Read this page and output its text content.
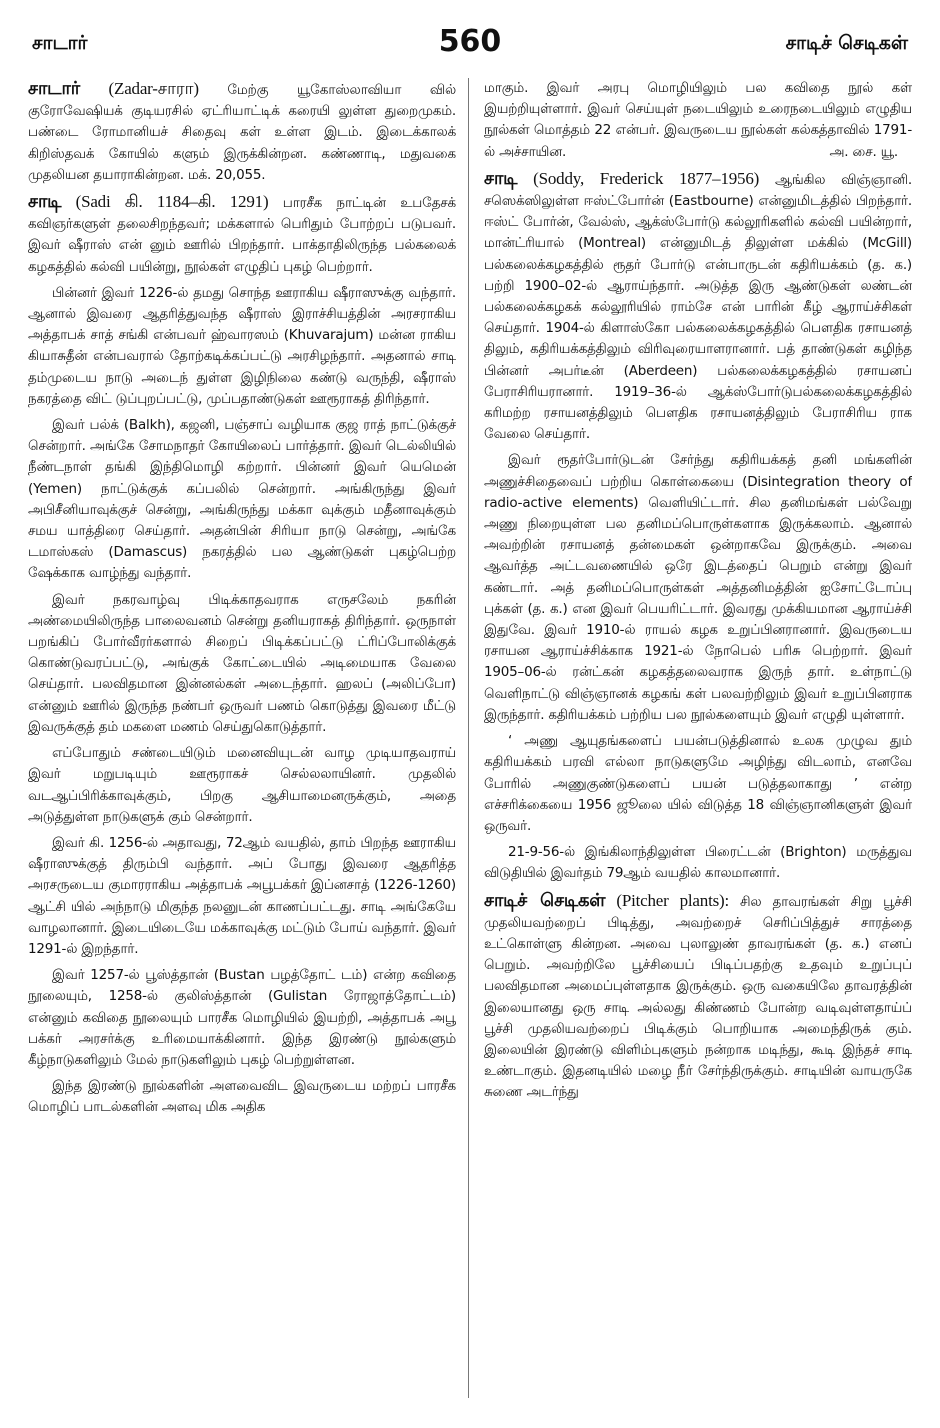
சாடார்	560	சாடிச் செடிகள்

சாடார் (Zadar-சாரா) மேற்கு யூகோஸ்லாவியா வில் குரோவேஷியக் குடியரசில் ஏட்ரியாட்டிக் கரையி லுள்ள துறைமுகம். பண்டை ரோமானியச் சிதைவு கள் உள்ள இடம். இடைக்காலக் கிறிஸ்தவக் கோயில் களும் இருக்கின்றன. கண்ணாடி, மதுவகை முதலியன தயாராகின்றன. மக். 20,055.

சாடி (Sadi கி. 1184–கி. 1291) பாரசீக நாட்டின் உபதேசக் கவிஞர்களுள் தலைசிறந்தவர்; மக்களால் பெரிதும் போற்றப் படுபவர். இவர் ஷீராஸ் என் னும் ஊரில் பிறந்தார். பாக்தாதிலிருந்த பல்கலைக் கழகத்தில் கல்வி பயின்று, நூல்கள் எழுதிப் புகழ் பெற்றார்.

பின்னர் இவர் 1226-ல் தமது சொந்த ஊராகிய ஷீராஸுக்கு வந்தார். ஆனால் இவரை ஆதரித்துவந்த ஷீராஸ் இராச்சியத்தின் அரசராகிய அத்தாபக் சாத் சங்கி என்பவர் ஹ்வாரஸம் (Khuvarajum) மன்ன ராகிய கியாசுதீன் என்பவரால் தோற்கடிக்கப்பட்டு அரசிழந்தார். அதனால் சாடி தம்முடைய நாடு அடைந் துள்ள இழிநிலை கண்டு வருந்தி, ஷீராஸ் நகரத்தை விட் டுப்புறப்பட்டு, முப்பதாண்டுகள் ஊரூராகத் திரிந்தார்.

இவர் பல்க் (Balkh), கஜனி, பஞ்சாப் வழியாக குஜ ராத் நாட்டுக்குச் சென்றார். அங்கே சோமநாதர் கோயிலைப் பார்த்தார். இவர் டெல்லியில் நீண்டநாள் தங்கி இந்திமொழி கற்றார். பின்னர் இவர் யெமென் (Yemen) நாட்டுக்குக் கப்பலில் சென்றார். அங்கிருந்து இவர் அபிசீனியாவுக்குச் சென்று, அங்கிருந்து மக்கா வுக்கும் மதீனாவுக்கும் சமய யாத்திரை செய்தார். அதன்பின் சிரியா நாடு சென்று, அங்கே டமாஸ்கஸ் (Damascus) நகரத்தில் பல ஆண்டுகள் புகழ்பெற்ற ஷேக்காக வாழ்ந்து வந்தார்.

இவர் நகரவாழ்வு பிடிக்காதவராக எருசலேம் நகரின் அண்மையிலிருந்த பாலைவனம் சென்று தனியராகத் திரிந்தார். ஒருநாள் பறங்கிப் போர்வீரர்களால் சிறைப் பிடிக்கப்பட்டு ட்ரிப்போலிக்குக் கொண்டுவரப்பட்டு, அங்குக் கோட்டையில் அடிமையாக வேலை செய்தார். பலவிதமான இன்னல்கள் அடைந்தார். ஹலப் (அலிப்போ) என்னும் ஊரில் இருந்த நண்பர் ஒருவர் பணம் கொடுத்து இவரை மீட்டு இவருக்குத் தம் மகளை மணம் செய்துகொடுத்தார்.

எப்போதும் சண்டையிடும் மனைவியுடன் வாழ முடியாதவராய் இவர் மறுபடியும் ஊரூராகச் செல்லலாயினர். முதலில் வடஆப்பிரிக்காவுக்கும், பிறகு ஆசியாமைனருக்கும், அதை அடுத்துள்ள நாடுகளுக் கும் சென்றார்.

இவர் கி. 1256-ல் அதாவது, 72ஆம் வயதில், தாம் பிறந்த ஊராகிய ஷீராஸுக்குத் திரும்பி வந்தார். அப் போது இவரை ஆதரித்த அரசருடைய குமாரராகிய அத்தாபக் அபூபக்கர் இப்னசாத் (1226-1260) ஆட்சி யில் அந்நாடு மிகுந்த நலனுடன் காணப்பட்டது. சாடி அங்கேயே வாழலானார். இடையிடையே மக்காவுக்கு மட்டும் போய் வந்தார். இவர் 1291-ல் இறந்தார்.

இவர் 1257-ல் பூஸ்த்தான் (Bustan பழத்தோட் டம்) என்ற கவிதை நூலையும், 1258-ல் குலிஸ்த்தான் (Gulistan ரோஜாத்தோட்டம்) என்னும் கவிதை நூலையும் பாரசீக மொழியில் இயற்றி, அத்தாபக் அபூ பக்கர் அரசர்க்கு உரிமையாக்கினார். இந்த இரண்டு நூல்களும் கீழ்நாடுகளிலும் மேல் நாடுகளிலும் புகழ் பெற்றுள்ளன.

இந்த இரண்டு நூல்களின் அளவைவிட இவருடைய மற்றப் பாரசீக மொழிப் பாடல்களின் அளவு மிக அதிக

மாகும். இவர் அரபு மொழியிலும் பல கவிதை நூல் கள் இயற்றியுள்ளார். இவர் செய்யுள் நடையிலும் உரைநடையிலும் எழுதிய நூல்கள் மொத்தம் 22 என்பர். இவருடைய நூல்கள் கல்கத்தாவில் 1791-ல் அச்சாயின.	அ. சை. யூ.

சாடி (Soddy, Frederick 1877–1956) ஆங்கில விஞ்ஞானி. சஸெக்ஸிலுள்ள ஈஸ்ட்போர்ன் (Eastbourne) என்னுமிடத்தில் பிறந்தார். ஈஸ்ட் போர்ன், வேல்ஸ், ஆக்ஸ்போர்டு கல்லூரிகளில் கல்வி பயின்றார், மான்ட்ரியால் (Montreal) என்னுமிடத் திலுள்ள மக்கில் (McGill) பல்கலைக்கழகத்தில் ரூதர் போர்டு என்பாருடன் கதிரியக்கம் (த. க.) பற்றி 1900–02-ல் ஆராய்ந்தார். அடுத்த இரு ஆண்டுகள் லண்டன் பல்கலைக்கழகக் கல்லூரியில் ராம்சே என் பாரின் கீழ் ஆராய்ச்சிகள் செய்தார். 1904-ல் கிளாஸ்கோ பல்கலைக்கழகத்தில் பௌதிக ரசாயனத் திலும், கதிரியக்கத்திலும் விரிவுரையாளரானார். பத் தாண்டுகள் கழிந்த பின்னர் அபர்டீன் (Aberdeen) பல்கலைக்கழகத்தில் ரசாயனப் பேராசிரியரானார். 1919–36-ல் ஆக்ஸ்போர்டுபல்கலைக்கழகத்தில் கரிமற்ற ரசாயனத்திலும் பௌதிக ரசாயனத்திலும் பேராசிரிய ராக வேலை செய்தார்.

இவர் ரூதர்போர்டுடன் சேர்ந்து கதிரியக்கத் தனி மங்களின் அணுச்சிதைவைப் பற்றிய கொள்கையை (Disintegration theory of radio-active elements) வெளியிட்டார். சில தனிமங்கள் பல்வேறு அணு நிறையுள்ள பல தனிமப்பொருள்களாக இருக்கலாம். ஆனால் அவற்றின் ரசாயனத் தன்மைகள் ஒன்றாகவே இருக்கும். அவை ஆவர்த்த அட்டவணையில் ஒரே இடத்தைப் பெறும் என்று இவர் கண்டார். அத் தனிமப்பொருள்கள் அத்தனிமத்தின் ஐசோட்டோப்பு புக்கள் (த. க.) என இவர் பெயரிட்டார். இவரது முக்கியமான ஆராய்ச்சி இதுவே. இவர் 1910-ல் ராயல் கழக உறுப்பினரானார். இவருடைய ரசாயன ஆராய்ச்சிக்காக 1921-ல் நோபெல் பரிசு பெற்றார். இவர் 1905–06-ல் ரன்ட்கன் கழகத்தலைவராக இருந் தார். உள்நாட்டு வெளிநாட்டு விஞ்ஞானக் கழகங் கள் பலவற்றிலும் இவர் உறுப்பினராக இருந்தார். கதிரியக்கம் பற்றிய பல நூல்களையும் இவர் எழுதி யுள்ளார்.

‘ அணு ஆயுதங்களைப் பயன்படுத்தினால் உலக முழுவ தும் கதிரியக்கம் பரவி எல்லா நாடுகளுமே அழிந்து விடலாம், எனவே போரில் அணுகுண்டுகளைப் பயன் படுத்தலாகாது ’ என்ற எச்சரிக்கையை 1956 ஜூலை யில் விடுத்த 18 விஞ்ஞானிகளுள் இவர் ஒருவர்.

21-9-56-ல் இங்கிலாந்திலுள்ள பிரைட்டன் (Brighton) மருத்துவ விடுதியில் இவர்தம் 79ஆம் வயதில் காலமானார்.

சாடிச் செடிகள் (Pitcher plants): சில தாவரங்கள் சிறு பூச்சி முதலியவற்றைப் பிடித்து, அவற்றைச் செரிப்பித்துச் சாரத்தை உட்கொள்ளு கின்றன. அவை புலாலுண் தாவரங்கள் (த. க.) எனப் பெறும். அவற்றிலே பூச்சியைப் பிடிப்பதற்கு உதவும் உறுப்புப் பலவிதமான அமைப்புள்ளதாக இருக்கும். ஒரு வகையிலே தாவரத்தின் இலையானது ஒரு சாடி அல்லது கிண்ணம் போன்ற வடிவுள்ளதாய்ப் பூச்சி முதலியவற்றைப் பிடிக்கும் பொறியாக அமைந்திருக் கும். இலையின் இரண்டு விளிம்புகளும் நன்றாக மடிந்து, கூடி இந்தச் சாடி உண்டாகும். இதனடியில் மழை நீர் சேர்ந்திருக்கும். சாடியின் வாயருகே சுணை அடர்ந்து
